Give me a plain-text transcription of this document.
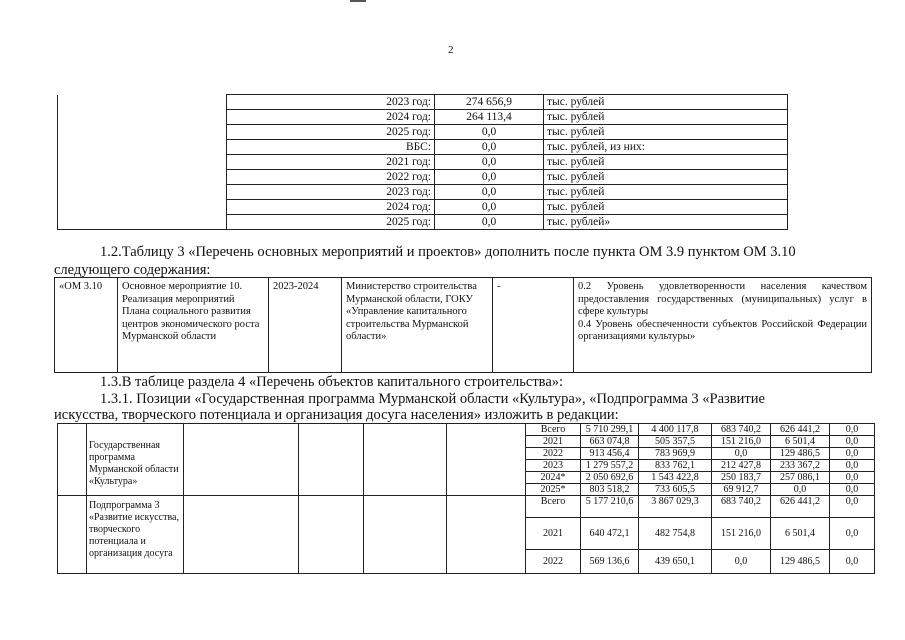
2
	2023 год:	274 656,9	тыс. рублей
	2024 год:	264 113,4	тыс. рублей
	2025 год:	0,0	тыс. рублей
	ВБС:	0,0	тыс. рублей, из них:
	2021 год:	0,0	тыс. рублей
	2022 год:	0,0	тыс. рублей
	2023 год:	0,0	тыс. рублей
	2024 год:	0,0	тыс. рублей
	2025 год:	0,0	тыс. рублей»
1.2.Таблицу 3 «Перечень основных мероприятий и проектов» дополнить после пункта ОМ 3.9 пунктом ОМ 3.10
следующего содержания:
«ОМ 3.10	Основное мероприятие 10. Реализация мероприятий Плана социального развития центров экономического роста Мурманской области	2023-2024	Министерство строительства Мурманской области, ГОКУ «Управление капитального строительства Мурманской области»	-	0.2 Уровень удовлетворенности населения качеством предоставления государственных (муниципальных) услуг в сфере культуры
0.4 Уровень обеспеченности субъектов Российской Федерации организациями культуры»
1.3.В таблице раздела 4 «Перечень объектов капитального строительства»:
1.3.1. Позиции «Государственная программа Мурманской области «Культура», «Подпрограмма 3 «Развитие
искусства, творческого потенциала и организация досуга населения» изложить в редакции:
	Государственная программа Мурманской области «Культура»					Всего	5 710 299,1	4 400 117,8	683 740,2	626 441,2	0,0
						2021	663 074,8	505 357,5	151 216,0	6 501,4	0,0
						2022	913 456,4	783 969,9	0,0	129 486,5	0,0
						2023	1 279 557,2	833 762,1	212 427,8	233 367,2	0,0
						2024*	2 050 692,6	1 543 422,8	250 183,7	257 086,1	0,0
						2025*	803 518,2	733 605,5	69 912,7	0,0	0,0
	Подпрограмма 3 «Развитие искусства, творческого потенциала и организация досуга					Всего	5 177 210,6	3 867 029,3	683 740,2	626 441,2	0,0
						2021	640 472,1	482 754,8	151 216,0	6 501,4	0,0
						2022	569 136,6	439 650,1	0,0	129 486,5	0,0
